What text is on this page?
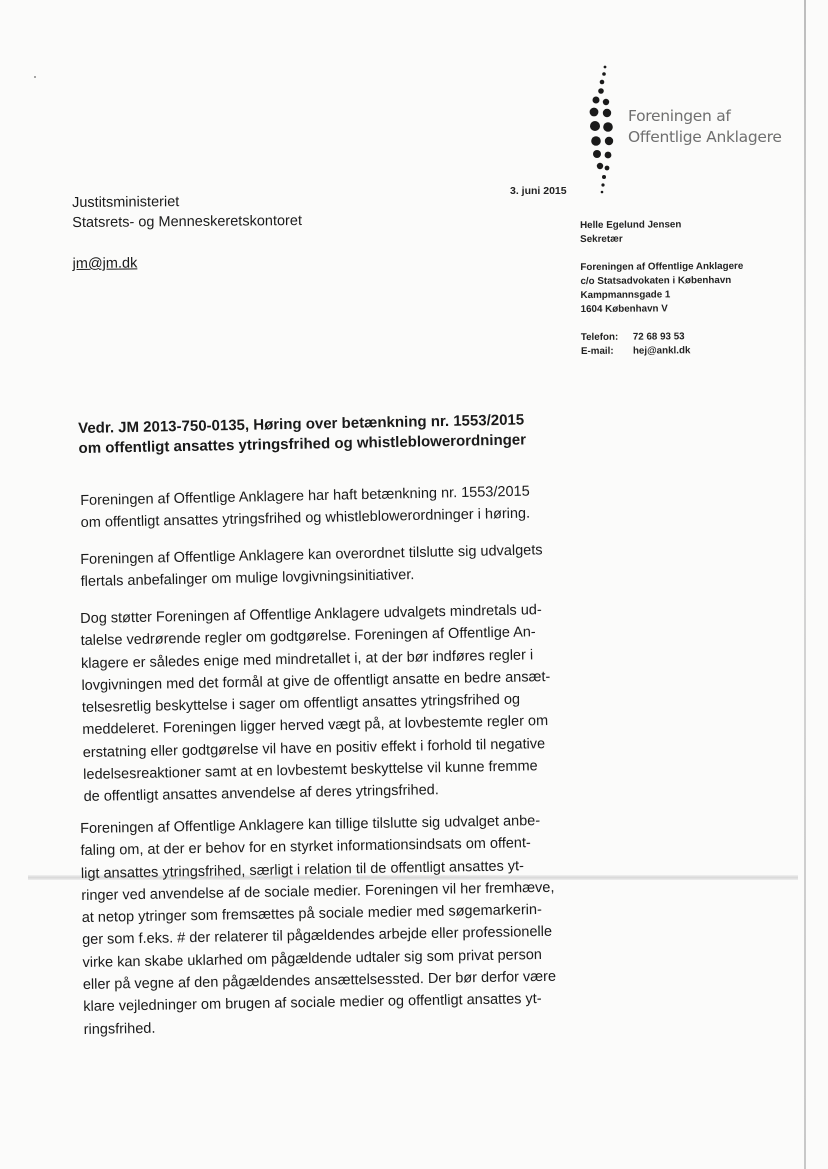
Foreningen af
Offentlige Anklagere
3. juni 2015
Justitsministeriet
Statsrets- og Menneskeretskontoret
jm@jm.dk
Helle Egelund Jensen
Sekretær
Foreningen af Offentlige Anklagere
c/o Statsadvokaten i København
Kampmannsgade 1
1604 København V
Telefon: 72 68 93 53
E-mail: hej@ankl.dk
Vedr. JM 2013-750-0135, Høring over betænkning nr. 1553/2015
om offentligt ansattes ytringsfrihed og whistleblowerordninger
Foreningen af Offentlige Anklagere har haft betænkning nr. 1553/2015
om offentligt ansattes ytringsfrihed og whistleblowerordninger i høring.
Foreningen af Offentlige Anklagere kan overordnet tilslutte sig udvalgets
flertals anbefalinger om mulige lovgivningsinitiativer.
Dog støtter Foreningen af Offentlige Anklagere udvalgets mindretals ud-
talelse vedrørende regler om godtgørelse. Foreningen af Offentlige An-
klagere er således enige med mindretallet i, at der bør indføres regler i
lovgivningen med det formål at give de offentligt ansatte en bedre ansæt-
telsesretlig beskyttelse i sager om offentligt ansattes ytringsfrihed og
meddeleret. Foreningen ligger herved vægt på, at lovbestemte regler om
erstatning eller godtgørelse vil have en positiv effekt i forhold til negative
ledelsesreaktioner samt at en lovbestemt beskyttelse vil kunne fremme
de offentligt ansattes anvendelse af deres ytringsfrihed.
Foreningen af Offentlige Anklagere kan tillige tilslutte sig udvalget anbe-
faling om, at der er behov for en styrket informationsindsats om offent-
ligt ansattes ytringsfrihed, særligt i relation til de offentligt ansattes yt-
ringer ved anvendelse af de sociale medier. Foreningen vil her fremhæve,
at netop ytringer som fremsættes på sociale medier med søgemarkerin-
ger som f.eks. # der relaterer til pågældendes arbejde eller professionelle
virke kan skabe uklarhed om pågældende udtaler sig som privat person
eller på vegne af den pågældendes ansættelsessted. Der bør derfor være
klare vejledninger om brugen af sociale medier og offentligt ansattes yt-
ringsfrihed.
